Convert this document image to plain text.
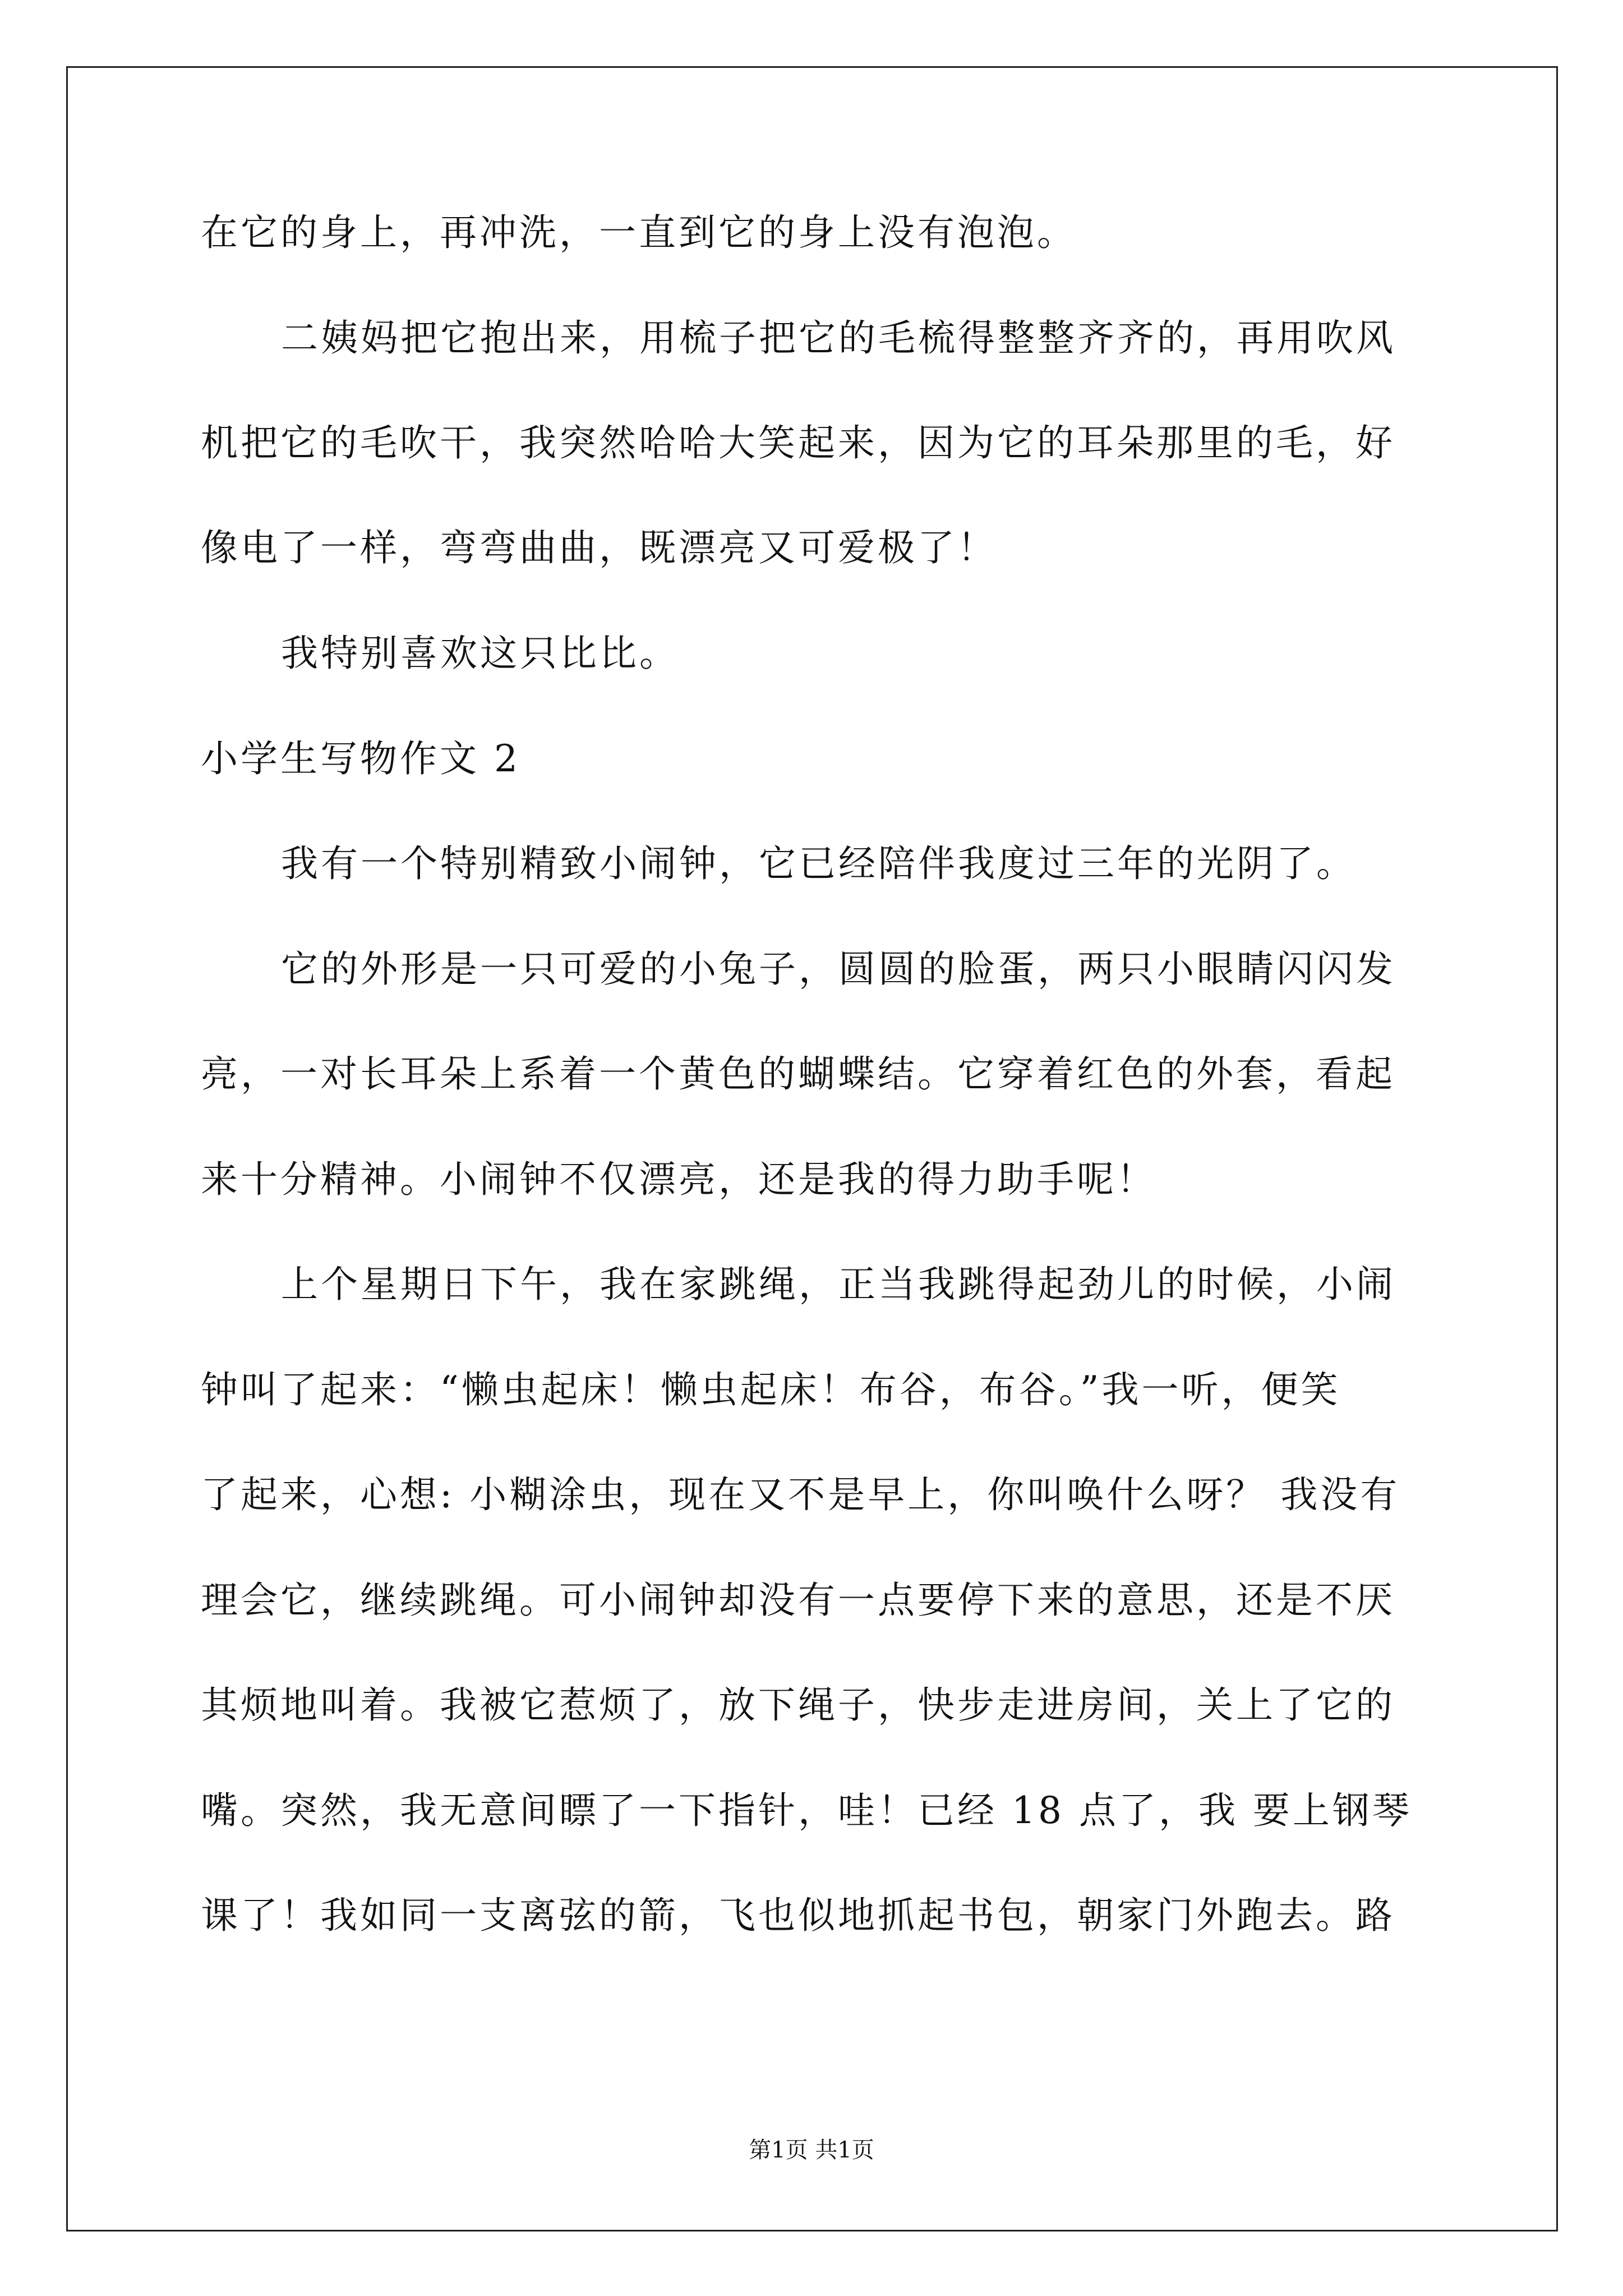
在它的身上，再冲洗，一直到它的身上没有泡泡。
二姨妈把它抱出来，用梳子把它的毛梳得整整齐齐的，再用吹风
机把它的毛吹干，我突然哈哈大笑起来，因为它的耳朵那里的毛，好
像电了一样，弯弯曲曲，既漂亮又可爱极了！
我特别喜欢这只比比。
小学生写物作文 2
我有一个特别精致小闹钟，它已经陪伴我度过三年的光阴了。
它的外形是一只可爱的小兔子，圆圆的脸蛋，两只小眼睛闪闪发
亮，一对长耳朵上系着一个黄色的蝴蝶结。它穿着红色的外套，看起
来十分精神。小闹钟不仅漂亮，还是我的得力助手呢！
上个星期日下午，我在家跳绳，正当我跳得起劲儿的时候，小闹
钟叫了起来：“懒虫起床！懒虫起床！布谷，布谷。”我一听，便笑
了起来，心想: 小糊涂虫，现在又不是早上，你叫唤什么呀？ 我没有
理会它，继续跳绳。可小闹钟却没有一点要停下来的意思，还是不厌
其烦地叫着。我被它惹烦了，放下绳子，快步走进房间，关上了它的
嘴。突然，我无意间瞟了一下指针，哇！已经 18 点了，我 要上钢琴
课了！我如同一支离弦的箭，飞也似地抓起书包，朝家门外跑去。路
第1页 共1页
